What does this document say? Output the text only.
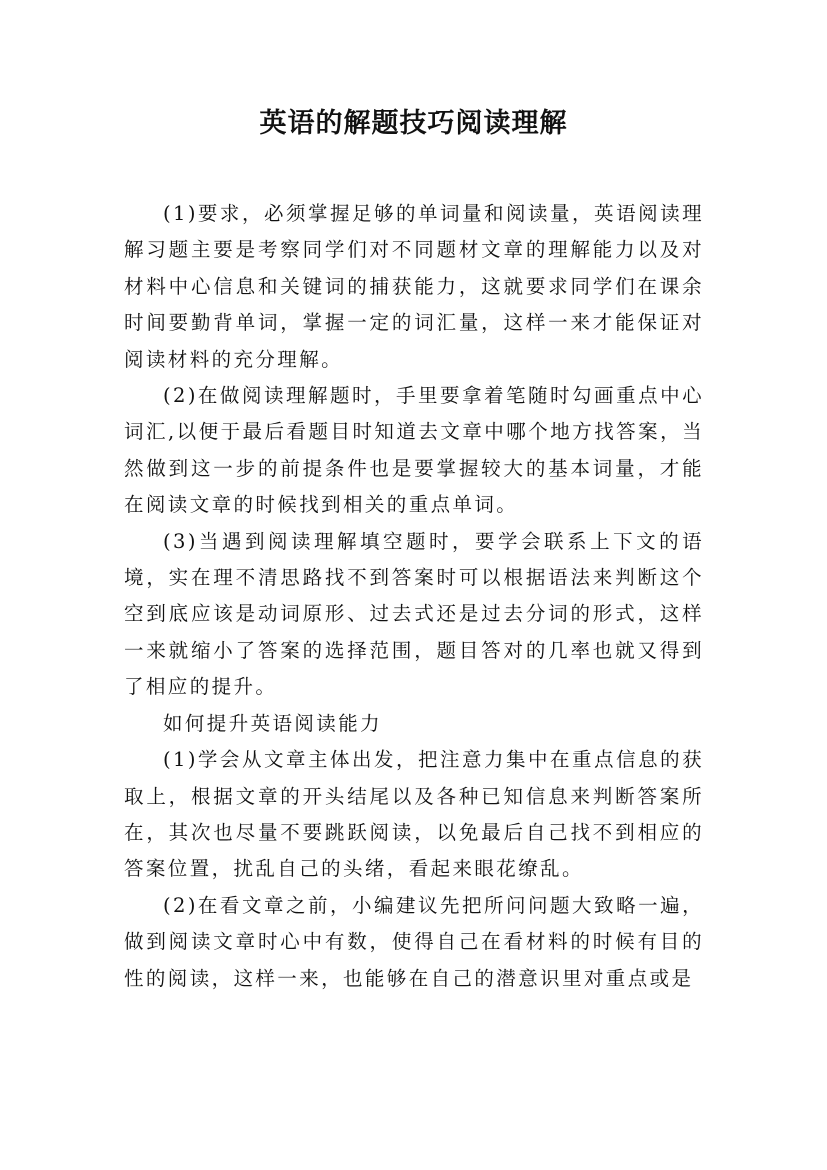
英语的解题技巧阅读理解

(1)要求，必须掌握足够的单词量和阅读量，英语阅读理解习题主要是考察同学们对不同题材文章的理解能力以及对材料中心信息和关键词的捕获能力，这就要求同学们在课余时间要勤背单词，掌握一定的词汇量，这样一来才能保证对阅读材料的充分理解。

(2)在做阅读理解题时，手里要拿着笔随时勾画重点中心词汇,以便于最后看题目时知道去文章中哪个地方找答案，当然做到这一步的前提条件也是要掌握较大的基本词量，才能在阅读文章的时候找到相关的重点单词。

(3)当遇到阅读理解填空题时，要学会联系上下文的语境，实在理不清思路找不到答案时可以根据语法来判断这个空到底应该是动词原形、过去式还是过去分词的形式，这样一来就缩小了答案的选择范围，题目答对的几率也就又得到了相应的提升。

如何提升英语阅读能力

(1)学会从文章主体出发，把注意力集中在重点信息的获取上，根据文章的开头结尾以及各种已知信息来判断答案所在，其次也尽量不要跳跃阅读，以免最后自己找不到相应的答案位置，扰乱自己的头绪，看起来眼花缭乱。

(2)在看文章之前，小编建议先把所问问题大致略一遍，做到阅读文章时心中有数，使得自己在看材料的时候有目的性的阅读，这样一来，也能够在自己的潜意识里对重点或是
